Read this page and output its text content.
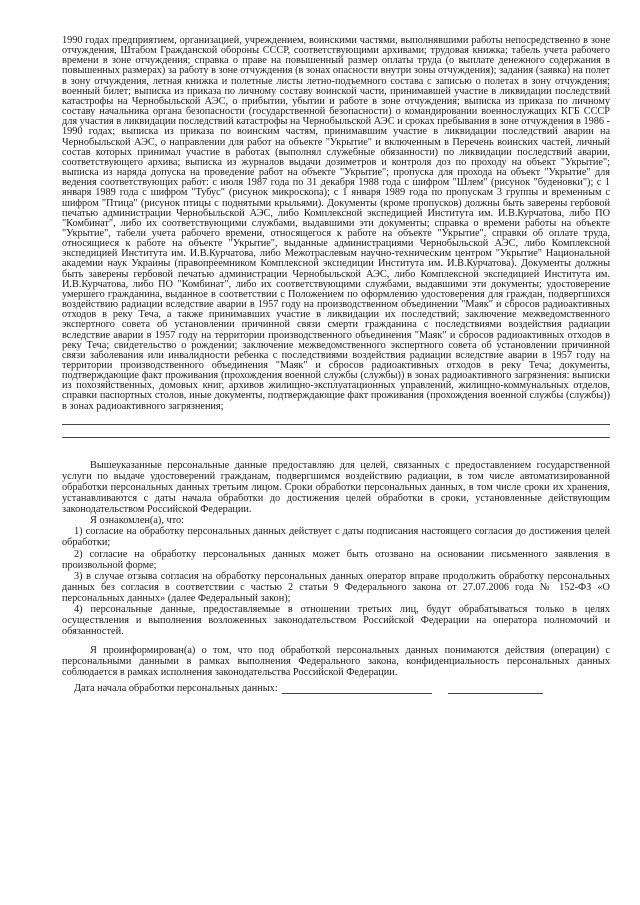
1990 годах предприятием, организацией, учреждением, воинскими частями, выполнявшими работы непосредственно в зоне отчуждения, Штабом Гражданской обороны СССР, соответствующими архивами; трудовая книжка; табель учета рабочего времени в зоне отчуждения; справка о праве на повышенный размер оплаты труда (о выплате денежного содержания в повышенных размерах) за работу в зоне отчуждения (в зонах опасности внутри зоны отчуждения); задания (заявка) на полет в зону отчуждения, летная книжка и полетные листы летно-подъемного состава с записью о полетах в зону отчуждения; военный билет; выписка из приказа по личному составу воинской части, принимавшей участие в ликвидации последствий катастрофы на Чернобыльской АЭС, о прибытии, убытии и работе в зоне отчуждения; выписка из приказа по личному составу начальника органа безопасности (государственной безопасности) о командировании военнослужащих КГБ СССР для участия в ликвидации последствий катастрофы на Чернобыльской АЭС и сроках пребывания в зоне отчуждения в 1986 - 1990 годах; выписка из приказа по воинским частям, принимавшим участие в ликвидации последствий аварии на Чернобыльской АЭС, о направлении для работ на объекте "Укрытие" и включенным в Перечень воинских частей, личный состав которых принимал участие в работах (выполнял служебные обязанности) по ликвидации последствий аварии, соответствующего архива; выписка из журналов выдачи дозиметров и контроля доз по проходу на объект "Укрытие"; выписка из наряда допуска на проведение работ на объекте "Укрытие"; пропуска для прохода на объект "Укрытие" для ведения соответствующих работ: с июля 1987 года по 31 декабря 1988 года с шифром "Шлем" (рисунок "буденовки"); с 1 января 1989 года с шифром "Тубус" (рисунок микроскопа); с 1 января 1989 года по пропускам 3 группы и временным с шифром "Птица" (рисунок птицы с поднятыми крыльями). Документы (кроме пропусков) должны быть заверены гербовой печатью администрации Чернобыльской АЭС, либо Комплексной экспедицией Института им. И.В.Курчатова, либо ПО "Комбинат", либо их соответствующими службами, выдавшими эти документы; справка о времени работы на объекте "Укрытие", табели учета рабочего времени, относящегося к работе на объекте "Укрытие", справки об оплате труда, относящиеся к работе на объекте "Укрытие", выданные администрациями Чернобыльской АЭС, либо Комплексной экспедицией Института им. И.В.Курчатова, либо Межотраслевым научно-техническим центром "Укрытие" Национальной академии наук Украины (правопреемником Комплексной экспедиции Института им. И.В.Курчатова). Документы должны быть заверены гербовой печатью администрации Чернобыльской АЭС, либо Комплексной экспедицией Института им. И.В.Курчатова, либо ПО "Комбинат", либо их соответствующими службами, выдавшими эти документы; удостоверение умершего гражданина, выданное в соответствии с Положением по оформлению удостоверения для граждан, подвергшихся воздействию радиации вследствие аварии в 1957 году на производственном объединении "Маяк" и сбросов радиоактивных отходов в реку Теча, а также принимавших участие в ликвидации их последствий; заключение межведомственного экспертного совета об установлении причинной связи смерти гражданина с последствиями воздействия радиации вследствие аварии в 1957 году на территории производственного объединения "Маяк" и сбросов радиоактивных отходов в реку Теча; свидетельство о рождении; заключение межведомственного экспертного совета об установлении причинной связи заболевания или инвалидности ребенка с последствиями воздействия радиации вследствие аварии в 1957 году на территории производственного объединения "Маяк" и сбросов радиоактивных отходов в реку Теча; документы, подтверждающие факт проживания (прохождения военной службы (службы)) в зонах радиоактивного загрязнения: выписки из похозяйственных, домовых книг, архивов жилищно-эксплуатационных управлений, жилищно-коммунальных отделов, справки паспортных столов, иные документы, подтверждающие факт проживания (прохождения военной службы (службы)) в зонах радиоактивного загрязнения;

Вышеуказанные персональные данные предоставляю для целей, связанных с предоставлением государственной услуги по выдаче удостоверений гражданам, подвергшимся воздействию радиации, в том числе автоматизированной обработки персональных данных третьим лицом. Сроки обработки персональных данных, в том числе сроки их хранения, устанавливаются с даты начала обработки до достижения целей обработки в сроки, установленные действующим законодательством Российской Федерации.

Я ознакомлен(а), что:

1) согласие на обработку персональных данных действует с даты подписания настоящего согласия до достижения целей обработки;

2) согласие на обработку персональных данных может быть отозвано на основании письменного заявления в произвольной форме;

3) в случае отзыва согласия на обработку персональных данных оператор вправе продолжить обработку персональных данных без согласия в соответствии с частью 2 статьи 9 Федерального закона от 27.07.2006 года № 152-ФЗ «О персональных данных» (далее Федеральный закон);

4) персональные данные, предоставляемые в отношении третьих лиц, будут обрабатываться только в целях осуществления и выполнения возложенных законодательством Российской Федерации на оператора полномочий и обязанностей.

Я проинформирован(а) о том, что под обработкой персональных данных понимаются действия (операции) с персональными данными в рамках выполнения Федерального закона, конфиденциальность персональных данных соблюдается в рамках исполнения законодательства Российской Федерации.

Дата начала обработки персональных данных:
